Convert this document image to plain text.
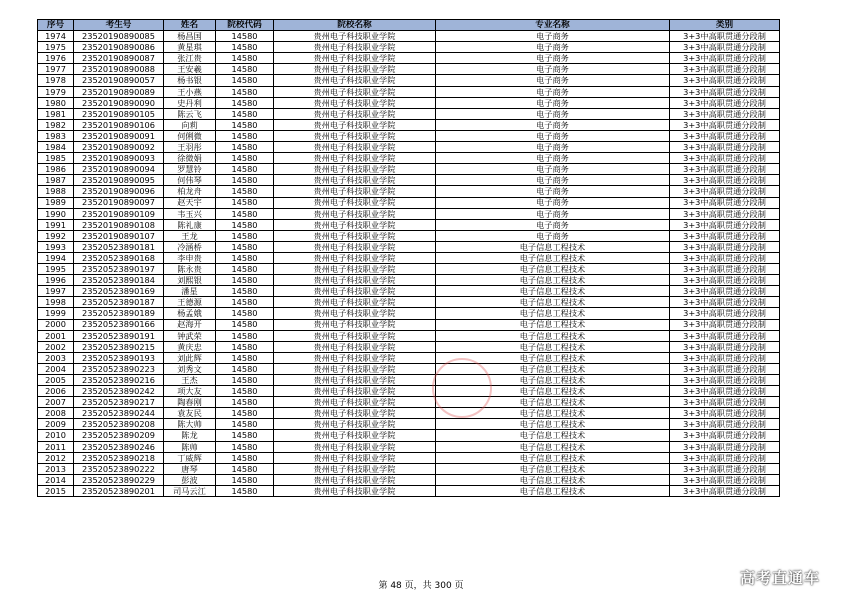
序号	考生号	姓名	院校代码	院校名称	专业名称	类别
1974	23520190890085	杨昌国	14580	贵州电子科技职业学院	电子商务	3+3中高职贯通分段制
1975	23520190890086	黄星琪	14580	贵州电子科技职业学院	电子商务	3+3中高职贯通分段制
1976	23520190890087	张江贵	14580	贵州电子科技职业学院	电子商务	3+3中高职贯通分段制
1977	23520190890088	王安羲	14580	贵州电子科技职业学院	电子商务	3+3中高职贯通分段制
1978	23520190890057	杨书银	14580	贵州电子科技职业学院	电子商务	3+3中高职贯通分段制
1979	23520190890089	王小燕	14580	贵州电子科技职业学院	电子商务	3+3中高职贯通分段制
1980	23520190890090	史丹利	14580	贵州电子科技职业学院	电子商务	3+3中高职贯通分段制
1981	23520190890105	陈云飞	14580	贵州电子科技职业学院	电子商务	3+3中高职贯通分段制
1982	23520190890106	向莉	14580	贵州电子科技职业学院	电子商务	3+3中高职贯通分段制
1983	23520190890091	何俐微	14580	贵州电子科技职业学院	电子商务	3+3中高职贯通分段制
1984	23520190890092	王羽彤	14580	贵州电子科技职业学院	电子商务	3+3中高职贯通分段制
1985	23520190890093	徐微娟	14580	贵州电子科技职业学院	电子商务	3+3中高职贯通分段制
1986	23520190890094	罗慧铃	14580	贵州电子科技职业学院	电子商务	3+3中高职贯通分段制
1987	23520190890095	何伟琴	14580	贵州电子科技职业学院	电子商务	3+3中高职贯通分段制
1988	23520190890096	柏龙舟	14580	贵州电子科技职业学院	电子商务	3+3中高职贯通分段制
1989	23520190890097	赵天宇	14580	贵州电子科技职业学院	电子商务	3+3中高职贯通分段制
1990	23520190890109	韦玉兴	14580	贵州电子科技职业学院	电子商务	3+3中高职贯通分段制
1991	23520190890108	陈礼康	14580	贵州电子科技职业学院	电子商务	3+3中高职贯通分段制
1992	23520190890107	王龙	14580	贵州电子科技职业学院	电子商务	3+3中高职贯通分段制
1993	23520523890181	冷涵桥	14580	贵州电子科技职业学院	电子信息工程技术	3+3中高职贯通分段制
1994	23520523890168	李申贵	14580	贵州电子科技职业学院	电子信息工程技术	3+3中高职贯通分段制
1995	23520523890197	陈永贵	14580	贵州电子科技职业学院	电子信息工程技术	3+3中高职贯通分段制
1996	23520523890184	刘熙银	14580	贵州电子科技职业学院	电子信息工程技术	3+3中高职贯通分段制
1997	23520523890169	潘星	14580	贵州电子科技职业学院	电子信息工程技术	3+3中高职贯通分段制
1998	23520523890187	王德源	14580	贵州电子科技职业学院	电子信息工程技术	3+3中高职贯通分段制
1999	23520523890189	杨孟娥	14580	贵州电子科技职业学院	电子信息工程技术	3+3中高职贯通分段制
2000	23520523890166	赵海开	14580	贵州电子科技职业学院	电子信息工程技术	3+3中高职贯通分段制
2001	23520523890191	钟武荣	14580	贵州电子科技职业学院	电子信息工程技术	3+3中高职贯通分段制
2002	23520523890215	黄庆忠	14580	贵州电子科技职业学院	电子信息工程技术	3+3中高职贯通分段制
2003	23520523890193	刘此辉	14580	贵州电子科技职业学院	电子信息工程技术	3+3中高职贯通分段制
2004	23520523890223	刘秀文	14580	贵州电子科技职业学院	电子信息工程技术	3+3中高职贯通分段制
2005	23520523890216	王杰	14580	贵州电子科技职业学院	电子信息工程技术	3+3中高职贯通分段制
2006	23520523890242	项大友	14580	贵州电子科技职业学院	电子信息工程技术	3+3中高职贯通分段制
2007	23520523890217	陶春刚	14580	贵州电子科技职业学院	电子信息工程技术	3+3中高职贯通分段制
2008	23520523890244	袁友民	14580	贵州电子科技职业学院	电子信息工程技术	3+3中高职贯通分段制
2009	23520523890208	陈大帅	14580	贵州电子科技职业学院	电子信息工程技术	3+3中高职贯通分段制
2010	23520523890209	陈龙	14580	贵州电子科技职业学院	电子信息工程技术	3+3中高职贯通分段制
2011	23520523890246	陈帅	14580	贵州电子科技职业学院	电子信息工程技术	3+3中高职贯通分段制
2012	23520523890218	丁威辉	14580	贵州电子科技职业学院	电子信息工程技术	3+3中高职贯通分段制
2013	23520523890222	唐琴	14580	贵州电子科技职业学院	电子信息工程技术	3+3中高职贯通分段制
2014	23520523890229	彭波	14580	贵州电子科技职业学院	电子信息工程技术	3+3中高职贯通分段制
2015	23520523890201	司马云江	14580	贵州电子科技职业学院	电子信息工程技术	3+3中高职贯通分段制
第 48 页，共 300 页	高考直通车
